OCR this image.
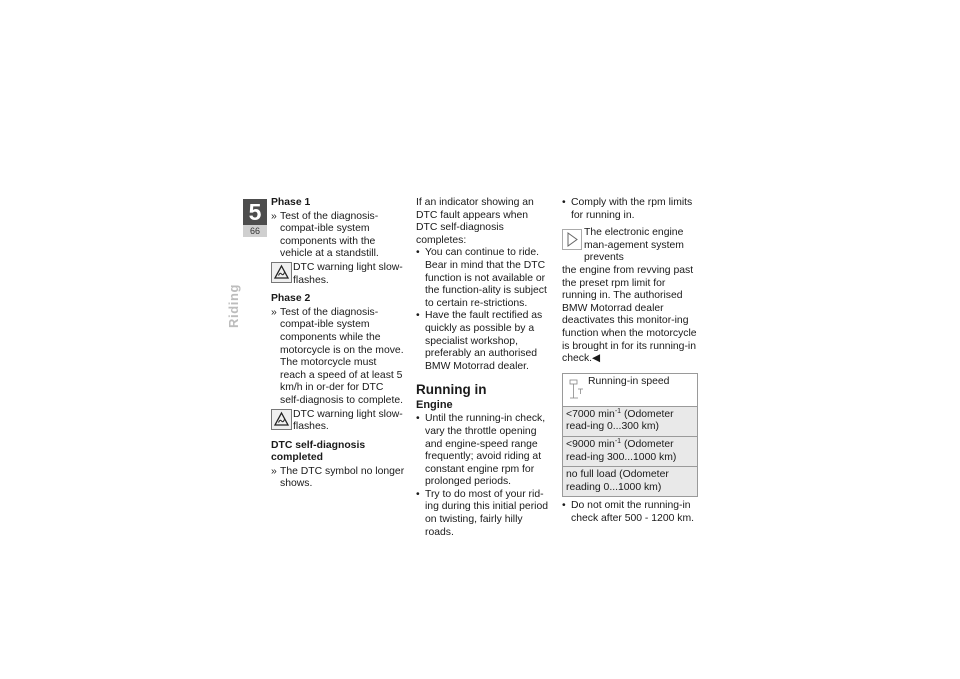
5
66
Riding
Phase 1

» Test of the diagnosis-compat-ible system components with the vehicle at a standstill.

DTC warning light slow-flashes.
Phase 2

» Test of the diagnosis-compat-ible system components while the motorcycle is on the move. The motorcycle must reach a speed of at least 5 km/h in or-der for DTC self-diagnosis to complete.

DTC warning light slow-flashes.
DTC self-diagnosis completed

» The DTC symbol no longer shows.

If an indicator showing an DTC fault appears when DTC self-diagnosis completes:

• You can continue to ride. Bear in mind that the DTC function is not available or the function-ality is subject to certain re-strictions.

• Have the fault rectified as quickly as possible by a specialist workshop, preferably an authorised BMW Motorrad dealer.

Running in
Engine

• Until the running-in check, vary the throttle opening and engine-speed range frequently; avoid riding at constant engine rpm for prolonged periods.

• Try to do most of your rid-ing during this initial period on twisting, fairly hilly roads.

• Comply with the rpm limits for running in.

The electronic engine man-agement system prevents

the engine from revving past the preset rpm limit for running in. The authorised BMW Motorrad dealer deactivates this monitor-ing function when the motorcycle is brought in for its running-in check.◀

Running-in speed

<7000 $\min^{-1}$ (Odometer read-ing 0...300 km)
<9000 $\min^{-1}$ (Odometer read-ing 300...1000 km)
no full load (Odometer reading 0...1000 km)

• Do not omit the running-in check after 500 - 1200 km.
